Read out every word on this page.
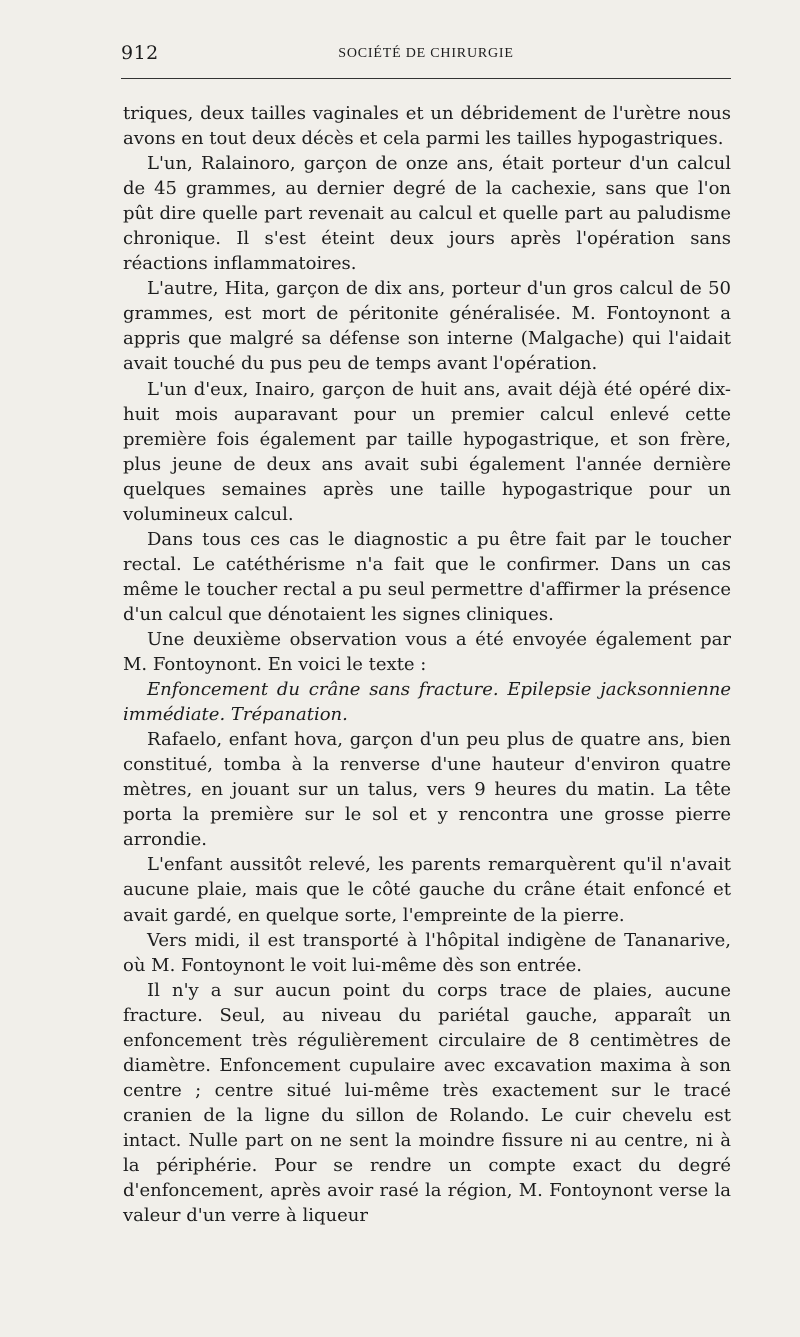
912	SOCIÉTÉ DE CHIRURGIE

triques, deux tailles vaginales et un débridement de l'urètre nous avons en tout deux décès et cela parmi les tailles hypogastriques.

L'un, Ralainoro, garçon de onze ans, était porteur d'un calcul de 45 grammes, au dernier degré de la cachexie, sans que l'on pût dire quelle part revenait au calcul et quelle part au paludisme chronique. Il s'est éteint deux jours après l'opération sans réactions inflammatoires.

L'autre, Hita, garçon de dix ans, porteur d'un gros calcul de 50 grammes, est mort de péritonite généralisée. M. Fontoynont a appris que malgré sa défense son interne (Malgache) qui l'aidait avait touché du pus peu de temps avant l'opération.

L'un d'eux, Inairo, garçon de huit ans, avait déjà été opéré dix-huit mois auparavant pour un premier calcul enlevé cette première fois également par taille hypogastrique, et son frère, plus jeune de deux ans avait subi également l'année dernière quelques semaines après une taille hypogastrique pour un volumineux calcul.

Dans tous ces cas le diagnostic a pu être fait par le toucher rectal. Le catéthérisme n'a fait que le confirmer. Dans un cas même le toucher rectal a pu seul permettre d'affirmer la présence d'un calcul que dénotaient les signes cliniques.

Une deuxième observation vous a été envoyée également par M. Fontoynont. En voici le texte :

Enfoncement du crâne sans fracture. Epilepsie jacksonnienne immédiate. Trépanation.

Rafaelo, enfant hova, garçon d'un peu plus de quatre ans, bien constitué, tomba à la renverse d'une hauteur d'environ quatre mètres, en jouant sur un talus, vers 9 heures du matin. La tête porta la première sur le sol et y rencontra une grosse pierre arrondie.

L'enfant aussitôt relevé, les parents remarquèrent qu'il n'avait aucune plaie, mais que le côté gauche du crâne était enfoncé et avait gardé, en quelque sorte, l'empreinte de la pierre.

Vers midi, il est transporté à l'hôpital indigène de Tananarive, où M. Fontoynont le voit lui-même dès son entrée.

Il n'y a sur aucun point du corps trace de plaies, aucune fracture. Seul, au niveau du pariétal gauche, apparaît un enfoncement très régulièrement circulaire de 8 centimètres de diamètre. Enfoncement cupulaire avec excavation maxima à son centre ; centre situé lui-même très exactement sur le tracé cranien de la ligne du sillon de Rolando. Le cuir chevelu est intact. Nulle part on ne sent la moindre fissure ni au centre, ni à la périphérie. Pour se rendre un compte exact du degré d'enfoncement, après avoir rasé la région, M. Fontoynont verse la valeur d'un verre à liqueur
